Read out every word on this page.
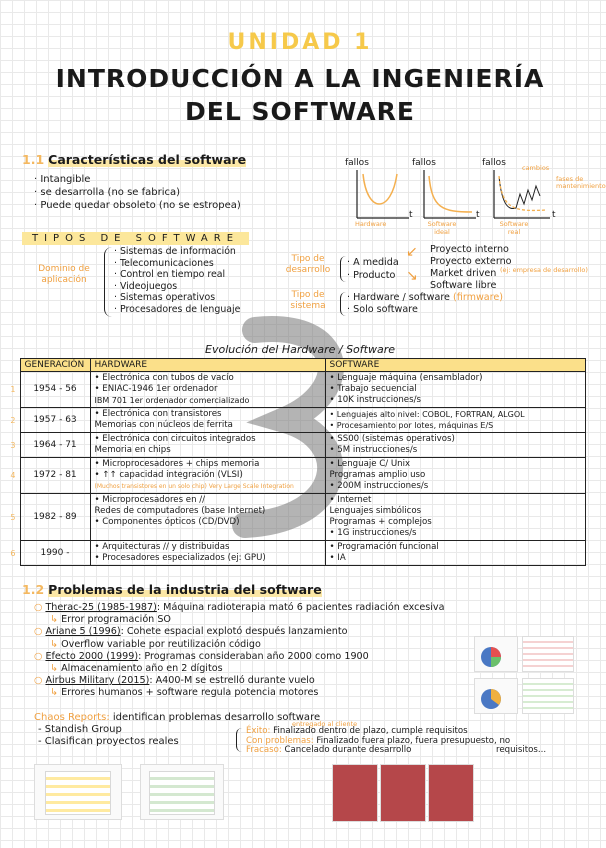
UNIDAD 1
INTRODUCCIÓN A LA INGENIERÍA
DEL SOFTWARE
1.1 Características del software
· Intangible
· se desarrolla (no se fabrica)
· Puede quedar obsoleto (no se estropea)
fallos
t
Hardware
fallos
t
Software ideal
fallos cambios
fases de mantenimiento
t
Software real
TIPOS DE SOFTWARE
Dominio de aplicación
· Sistemas de información
· Telecomunicaciones
· Control en tiempo real
· Videojuegos
· Sistemas operativos
· Procesadores de lenguaje
Tipo de desarrollo
· A medida
· Producto
↙
↘
Proyecto interno
Proyecto externo
Market driven
Software libre
(ej: empresa de desarrollo)
Tipo de sistema
· Hardware / software (firmware)
· Solo software
Evolución del Hardware / Software
	GENERACIÓN	HARDWARE	SOFTWARE
1	1954 - 56	• Electrónica con tubos de vacío
• ENIAC-1946 1er ordenador
IBM 701 1er ordenador comercializado	• Lenguaje máquina (ensamblador)
• Trabajo secuencial
• 10K instrucciones/s

2	1957 - 63	• Electrónica con transistores
Memorias con núcleos de ferrita	• Lenguajes alto nivel: COBOL, FORTRAN, ALGOL
• Procesamiento por lotes, máquinas E/S

3	1964 - 71	• Electrónica con circuitos integrados
Memoria en chips	• SS00 (sistemas operativos)
• 5M instrucciones/s

4	1972 - 81	• Microprocesadores + chips memoria
• ↑↑ capacidad integración (VLSI)
(Muchos transistores en un solo chip) Very Large Scale Integration	• Lenguaje C/ Unix
Programas amplio uso
• 200M instrucciones/s

5	1982 - 89	• Microprocesadores en //
Redes de computadores (base Internet)
• Componentes ópticos (CD/DVD)	• Internet
Lenguajes simbólicos
Programas + complejos
• 1G instrucciones/s

6	1990 -	• Arquitecturas // y distribuidas
• Procesadores especializados (ej: GPU)	• Programación funcional
• IA
1.2 Problemas de la industria del software
○ Therac-25 (1985-1987): Máquina radioterapia mató 6 pacientes radiación excesiva
↳ Error programación SO
○ Ariane 5 (1996): Cohete espacial explotó después lanzamiento
↳ Overflow variable por reutilización código
○ Efecto 2000 (1999): Programas consideraban año 2000 como 1900
↳ Almacenamiento año en 2 dígitos
○ Airbus Military (2015): A400-M se estrelló durante vuelo
↳ Errores humanos + software regula potencia motores
Chaos Reports: identifican problemas desarrollo software
- Standish Group
- Clasifican proyectos reales
entregado al cliente
Éxito: Finalizado dentro de plazo, cumple requisitos
Con problemas: Finalizado fuera plazo, fuera presupuesto, no
requisitos...
Fracaso: Cancelado durante desarrollo
